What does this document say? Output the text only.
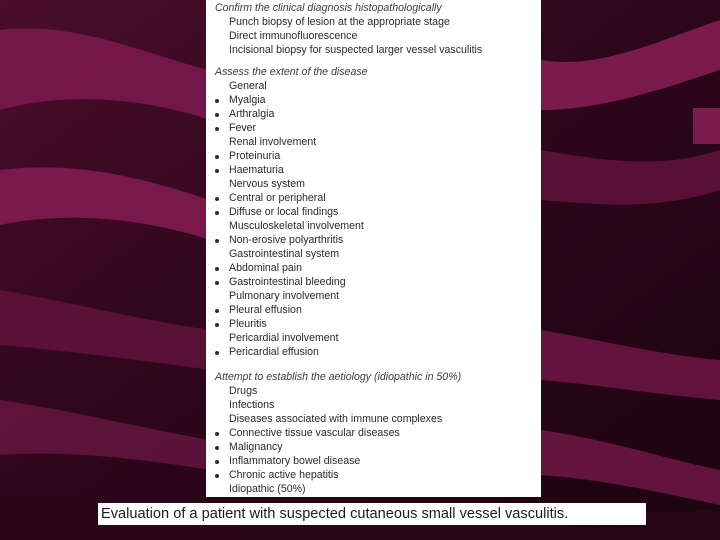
Confirm the clinical diagnosis histopathologically
Punch biopsy of lesion at the appropriate stage
Direct immunofluorescence
Incisional biopsy for suspected larger vessel vasculitis
Assess the extent of the disease
General
Myalgia
Arthralgia
Fever
Renal involvement
Proteinuria
Haematuria
Nervous system
Central or peripheral
Diffuse or local findings
Musculoskeletal involvement
Non-erosive polyarthritis
Gastrointestinal system
Abdominal pain
Gastrointestinal bleeding
Pulmonary involvement
Pleural effusion
Pleuritis
Pericardial involvement
Pericardial effusion
Attempt to establish the aetiology (idiopathic in 50%)
Drugs
Infections
Diseases associated with immune complexes
Connective tissue vascular diseases
Malignancy
Inflammatory bowel disease
Chronic active hepatitis
Idiopathic (50%)
Evaluation of a patient with suspected cutaneous small vessel vasculitis.
